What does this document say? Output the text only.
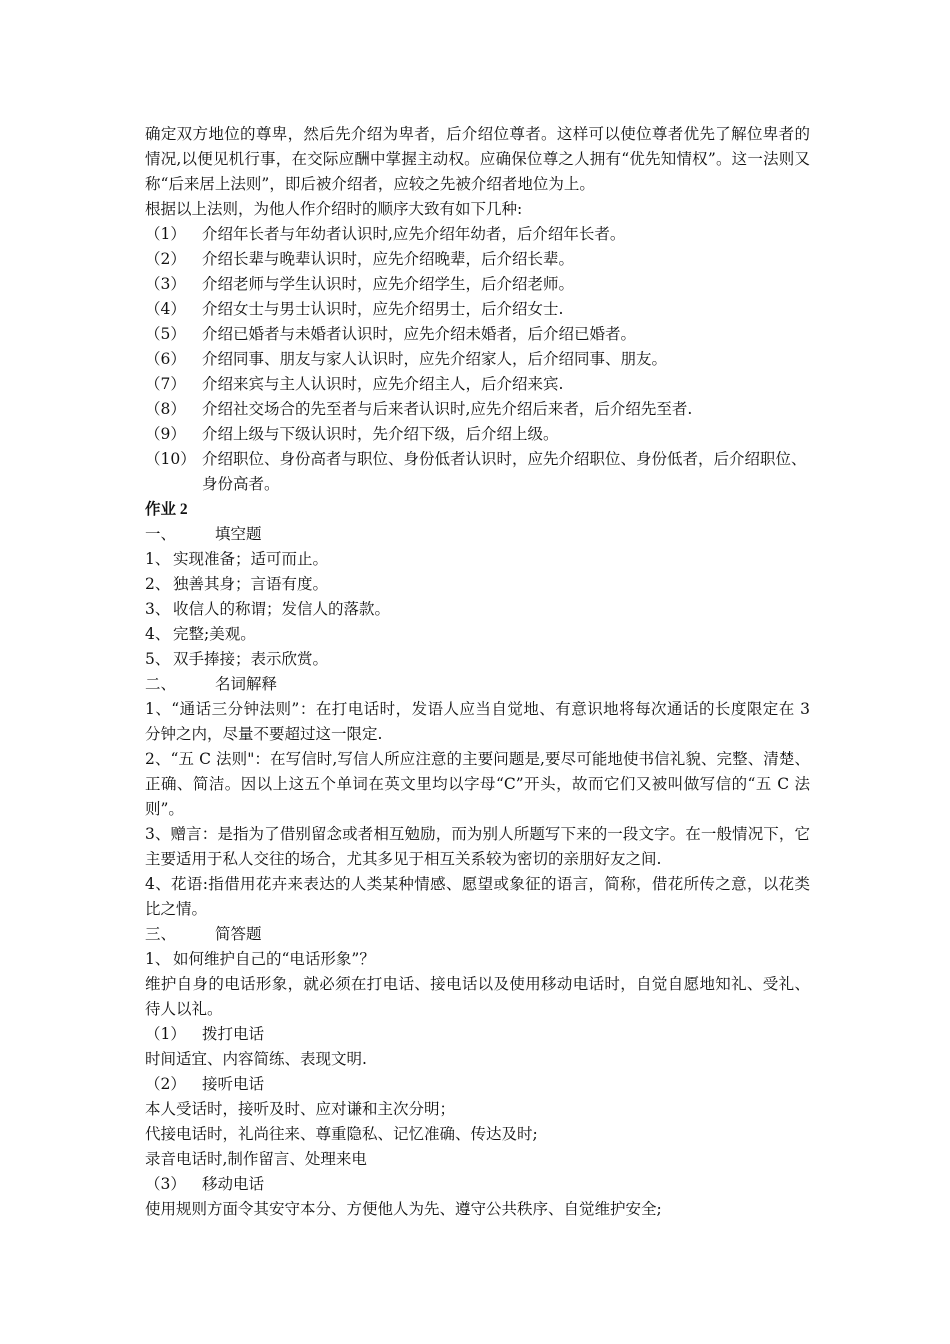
确定双方地位的尊卑，然后先介绍为卑者，后介绍位尊者。这样可以使位尊者优先了解位卑者的情况,以便见机行事，在交际应酬中掌握主动权。应确保位尊之人拥有“优先知情权”。这一法则又称“后来居上法则”，即后被介绍者，应较之先被介绍者地位为上。

根据以上法则，为他人作介绍时的顺序大致有如下几种:

（1）	介绍年长者与年幼者认识时,应先介绍年幼者，后介绍年长者。
（2）	介绍长辈与晚辈认识时，应先介绍晚辈，后介绍长辈。
（3）	介绍老师与学生认识时，应先介绍学生，后介绍老师。
（4）	介绍女士与男士认识时，应先介绍男士，后介绍女士.
（5）	介绍已婚者与未婚者认识时，应先介绍未婚者，后介绍已婚者。
（6）	介绍同事、朋友与家人认识时，应先介绍家人，后介绍同事、朋友。
（7）	介绍来宾与主人认识时，应先介绍主人，后介绍来宾.
（8）	介绍社交场合的先至者与后来者认识时,应先介绍后来者，后介绍先至者.
（9）	介绍上级与下级认识时，先介绍下级，后介绍上级。
（10） 介绍职位、身份高者与职位、身份低者认识时，应先介绍职位、身份低者，后介绍职位、身份高者。
作业 2
一、	填空题
1、 实现准备；适可而止。
2、 独善其身；言语有度。
3、 收信人的称谓；发信人的落款。
4、 完整;美观。
5、 双手捧接；表示欣赏。
二、	名词解释

1、“通话三分钟法则”：在打电话时，发语人应当自觉地、有意识地将每次通话的长度限定在 3 分钟之内，尽量不要超过这一限定.

2、“五 C 法则"：在写信时,写信人所应注意的主要问题是,要尽可能地使书信礼貌、完整、清楚、正确、简洁。因以上这五个单词在英文里均以字母“C”开头，故而它们又被叫做写信的“五 C 法则”。

3、赠言：是指为了借别留念或者相互勉励，而为别人所题写下来的一段文字。在一般情况下，它主要适用于私人交往的场合，尤其多见于相互关系较为密切的亲朋好友之间.

4、花语:指借用花卉来表达的人类某种情感、愿望或象征的语言，简称，借花所传之意，以花类比之情。

三、	简答题
1、 如何维护自己的“电话形象”？

维护自身的电话形象，就必须在打电话、接电话以及使用移动电话时，自觉自愿地知礼、受礼、待人以礼。

（1）	拨打电话

时间适宜、内容简练、表现文明.

（2）	接听电话

本人受话时，接听及时、应对谦和主次分明；

代接电话时，礼尚往来、尊重隐私、记忆准确、传达及时;

录音电话时,制作留言、处理来电

（3）	移动电话

使用规则方面令其安守本分、方便他人为先、遵守公共秩序、自觉维护安全;
